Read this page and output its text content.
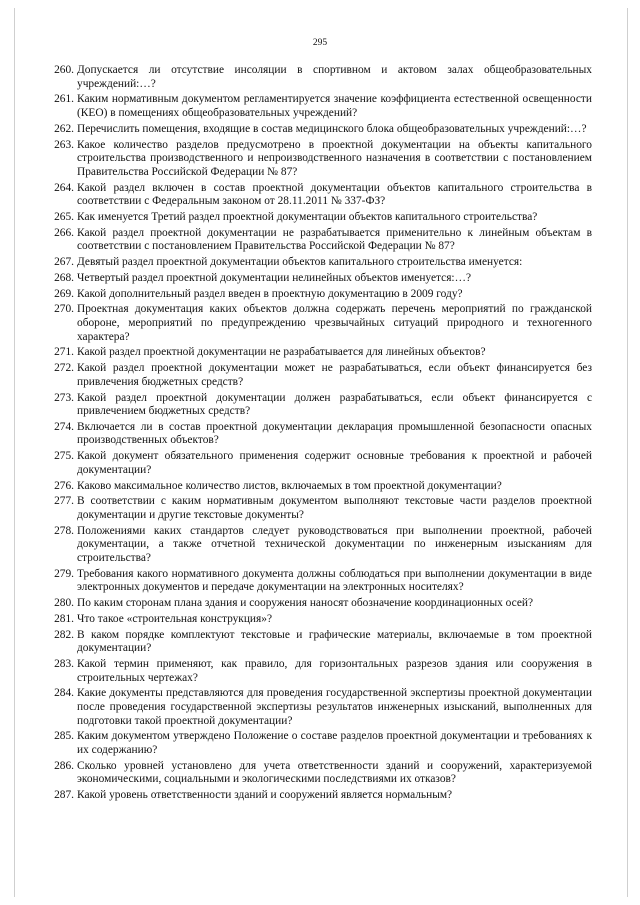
295
260. Допускается ли отсутствие инсоляции в спортивном и актовом залах общеобразовательных учреждений:…?
261. Каким нормативным документом регламентируется значение коэффициента естественной освещенности (КЕО) в помещениях общеобразовательных учреждений?
262. Перечислить помещения, входящие в состав медицинского блока общеобразовательных учреждений:…?
263. Какое количество разделов предусмотрено в проектной документации на объекты капитального строительства производственного и непроизводственного назначения в соответствии с постановлением Правительства Российской Федерации № 87?
264. Какой раздел включен в состав проектной документации объектов капитального строительства в соответствии с Федеральным законом от 28.11.2011 № 337-ФЗ?
265. Как именуется Третий раздел проектной документации объектов капитального строительства?
266. Какой раздел проектной документации не разрабатывается применительно к линейным объектам в соответствии с постановлением Правительства Российской Федерации № 87?
267. Девятый раздел проектной документации объектов капитального строительства именуется:
268. Четвертый раздел проектной документации нелинейных объектов именуется:…?
269. Какой дополнительный раздел введен в проектную документацию в 2009 году?
270. Проектная документация каких объектов должна содержать перечень мероприятий по гражданской обороне, мероприятий по предупреждению чрезвычайных ситуаций природного и техногенного характера?
271. Какой раздел проектной документации не разрабатывается для линейных объектов?
272. Какой раздел проектной документации может не разрабатываться, если объект финансируется без привлечения бюджетных средств?
273. Какой раздел проектной документации должен разрабатываться, если объект финансируется с привлечением бюджетных средств?
274. Включается ли в состав проектной документации декларация промышленной безопасности опасных производственных объектов?
275. Какой документ обязательного применения содержит основные требования к проектной и рабочей документации?
276. Каково максимальное количество листов, включаемых в том проектной документации?
277. В соответствии с каким нормативным документом выполняют текстовые части разделов проектной документации и другие текстовые документы?
278. Положениями каких стандартов следует руководствоваться при выполнении проектной, рабочей документации, а также отчетной технической документации по инженерным изысканиям для строительства?
279. Требования какого нормативного документа должны соблюдаться при выполнении документации в виде электронных документов и передаче документации на электронных носителях?
280. По каким сторонам плана здания и сооружения наносят обозначение координационных осей?
281. Что такое «строительная конструкция»?
282. В каком порядке комплектуют текстовые и графические материалы, включаемые в том проектной документации?
283. Какой термин применяют, как правило, для горизонтальных разрезов здания или сооружения в строительных чертежах?
284. Какие документы представляются для проведения государственной экспертизы проектной документации после проведения государственной экспертизы результатов инженерных изысканий, выполненных для подготовки такой проектной документации?
285. Каким документом утверждено Положение о составе разделов проектной документации и требованиях к их содержанию?
286. Сколько уровней установлено для учета ответственности зданий и сооружений, характеризуемой экономическими, социальными и экологическими последствиями их отказов?
287. Какой уровень ответственности зданий и сооружений является нормальным?
